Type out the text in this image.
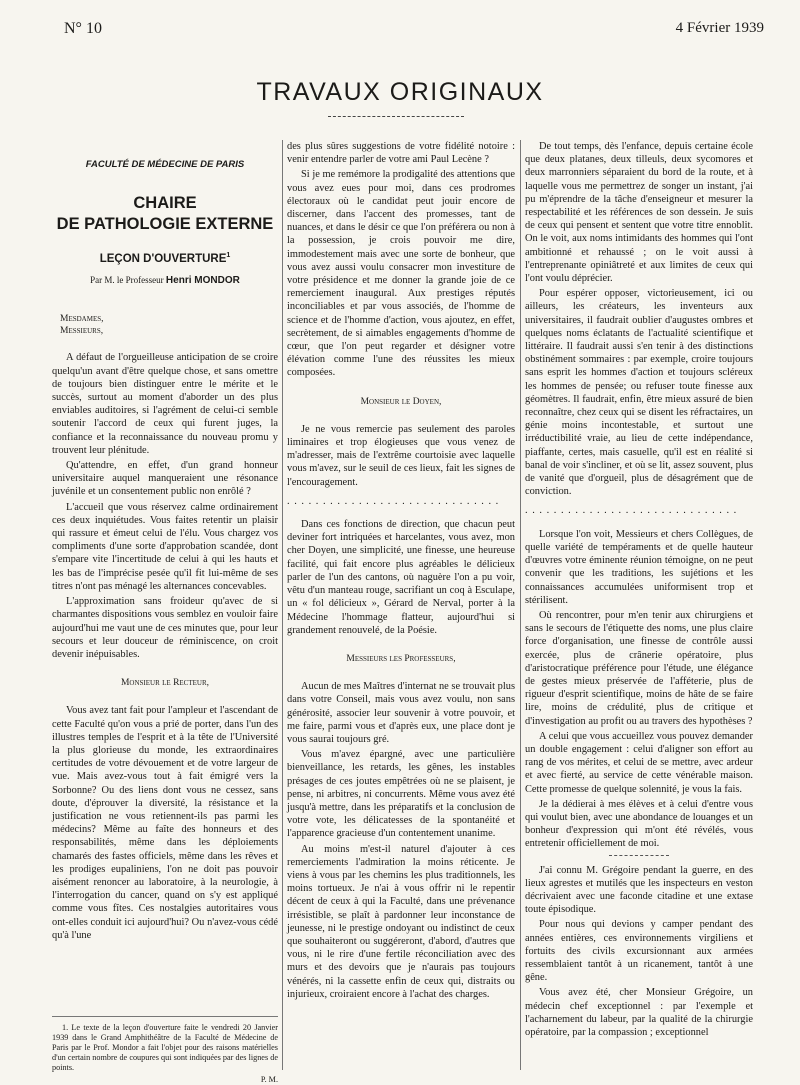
N° 10	4 Février 1939
TRAVAUX ORIGINAUX
FACULTÉ DE MÉDECINE DE PARIS
CHAIRE
DE PATHOLOGIE EXTERNE
LEÇON D'OUVERTURE$^1$
Par M. le Professeur Henri MONDOR
Mesdames,
Messieurs,

A défaut de l'orgueilleuse anticipation de se croire quelqu'un avant d'être quelque chose, et sans omettre de toujours bien distinguer entre le mérite et le succès, surtout au moment d'aborder un des plus enviables auditoires, si l'agrément de celui-ci semble soutenir l'accord de ceux qui furent juges, la confiance et la reconnaissance du nouveau promu y trouvent leur plénitude.

Qu'attendre, en effet, d'un grand honneur universitaire auquel manqueraient une résonance juvénile et un consentement public non enrôlé ?

L'accueil que vous réservez calme ordinairement ces deux inquiétudes. Vous faites retentir un plaisir qui rassure et émeut celui de l'élu. Vous chargez vos compliments d'une sorte d'approbation scandée, dont s'empare vite l'incertitude de celui à qui les hauts et les bas de l'imprécise pesée qu'il fit lui-même de ses titres n'ont pas ménagé les alternances concevables.

L'approximation sans froideur qu'avec de si charmantes dispositions vous semblez en vouloir faire aujourd'hui me vaut une de ces minutes que, pour leur secours et leur douceur de réminiscence, on croit devenir inépuisables.

Monsieur le Recteur,

Vous avez tant fait pour l'ampleur et l'ascendant de cette Faculté qu'on vous a prié de porter, dans l'un des illustres temples de l'esprit et à la tête de l'Université la plus glorieuse du monde, les extraordinaires certitudes de votre dévouement et de votre largeur de vue. Mais avez-vous tout à fait émigré vers la Sorbonne? Ou des liens dont vous ne cessez, sans doute, d'éprouver la diversité, la résistance et la justification ne vous retiennent-ils pas parmi les médecins? Même au faîte des honneurs et des responsabilités, même dans les déploiements chamarés des fastes officiels, même dans les rêves et les prodiges eupaliniens, l'on ne doit pas pouvoir aisément renoncer au laboratoire, à la neurologie, à l'interrogation du cancer, quand on s'y est appliqué comme vous fîtes. Ces nostalgies autoritaires vous ont-elles conduit ici aujourd'hui? Ou n'avez-vous cédé qu'à l'une

des plus sûres suggestions de votre fidélité notoire : venir entendre parler de votre ami Paul Lecène ?

Si je me remémore la prodigalité des attentions que vous avez eues pour moi, dans ces prodromes électoraux où le candidat peut jouir encore de discerner, dans l'accent des promesses, tant de nuances, et dans le désir ce que l'on préférera ou non à la possession, je crois pouvoir me dire, immodestement mais avec une sorte de bonheur, que vous avez aussi voulu consacrer mon investiture de votre présidence et me donner la grande joie de ce remerciement inaugural. Aux prestiges réputés inconciliables et par vous associés, de l'homme de science et de l'homme d'action, vous ajoutez, en effet, secrètement, de si aimables engagements d'homme de cœur, que l'on peut regarder et désigner votre élévation comme l'une des réussites les mieux composées.

Monsieur le Doyen,

Je ne vous remercie pas seulement des paroles liminaires et trop élogieuses que vous venez de m'adresser, mais de l'extrême courtoisie avec laquelle vous m'avez, sur le seuil de ces lieux, fait les signes de l'encouragement.

. . . . . . . . . . . . . . . . . . . . . . . . . . . . . .

Dans ces fonctions de direction, que chacun peut deviner fort intriquées et harcelantes, vous avez, mon cher Doyen, une simplicité, une finesse, une heureuse facilité, qui fait encore plus agréables le délicieux parler de l'un des cantons, où naguère l'on a pu voir, vêtu d'un manteau rouge, sacrifiant un coq à Esculape, un « fol délicieux », Gérard de Nerval, porter à la Médecine l'hommage flatteur, aujourd'hui si grandement renouvelé, de la Poésie.

Messieurs les Professeurs,

Aucun de mes Maîtres d'internat ne se trouvait plus dans votre Conseil, mais vous avez voulu, non sans générosité, associer leur souvenir à votre pouvoir, et me faire, parmi vous et d'après eux, une place dont je vous saurai toujours gré.

Vous m'avez épargné, avec une particulière bienveillance, les retards, les gênes, les instables présages de ces joutes empêtrées où ne se plaisent, je pense, ni arbitres, ni concurrents. Même vous avez été jusqu'à mettre, dans les préparatifs et la conclusion de votre vote, les délicatesses de la spontanéité et l'apparence gracieuse d'un contentement unanime.

Au moins m'est-il naturel d'ajouter à ces remerciements l'admiration la moins réticente. Je viens à vous par les chemins les plus traditionnels, les moins tortueux. Je n'ai à vous offrir ni le repentir décent de ceux à qui la Faculté, dans une prévenance irrésistible, se plaît à pardonner leur inconstance de jeunesse, ni le prestige ondoyant ou indistinct de ceux que souhaiteront ou suggéreront, d'abord, d'autres que vous, ni le rire d'une fertile réconciliation avec des murs et des devoirs que je n'aurais pas toujours vénérés, ni la cassette enfin de ceux qui, distraits ou injurieux, croiraient encore à l'achat des charges.

De tout temps, dès l'enfance, depuis certaine école que deux platanes, deux tilleuls, deux sycomores et deux marronniers séparaient du bord de la route, et à laquelle vous me permettrez de songer un instant, j'ai pu m'éprendre de la tâche d'enseigneur et mesurer la respectabilité et les références de son dessein. Je suis de ceux qui pensent et sentent que votre titre ennoblit. On le voit, aux noms intimidants des hommes qui l'ont ambitionné et rehaussé ; on le voit aussi à l'entreprenante opiniâtreté et aux limites de ceux qui l'ont voulu déprécier.

Pour espérer opposer, victorieusement, ici ou ailleurs, les créateurs, les inventeurs aux universitaires, il faudrait oublier d'augustes ombres et quelques noms éclatants de l'actualité scientifique et littéraire. Il faudrait aussi s'en tenir à des distinctions obstinément sommaires : par exemple, croire toujours sans esprit les hommes d'action et toujours scléreux les hommes de pensée; ou refuser toute finesse aux géomètres. Il faudrait, enfin, être mieux assuré de bien reconnaître, chez ceux qui se disent les réfractaires, un génie moins incontestable, et surtout une irréductibilité vraie, au lieu de cette indépendance, piaffante, certes, mais casuelle, qu'il est en réalité si banal de voir s'incliner, et où se lit, assez souvent, plus de vanité que d'orgueil, plus de désagrément que de conviction.

. . . . . . . . . . . . . . . . . . . . . . . . . . . . . .

Lorsque l'on voit, Messieurs et chers Collègues, de quelle variété de tempéraments et de quelle hauteur d'œuvres votre éminente réunion témoigne, on ne peut convenir que les traditions, les sujétions et les connaissances accumulées uniformisent trop et stérilisent.

Où rencontrer, pour m'en tenir aux chirurgiens et sans le secours de l'étiquette des noms, une plus claire force d'organisation, une finesse de contrôle aussi exercée, plus de crânerie opératoire, plus d'aristocratique préférence pour l'étude, une élégance de gestes mieux préservée de l'afféterie, plus de rigueur d'esprit scientifique, moins de hâte de se faire lire, moins de crédulité, plus de critique et d'investigation au profit ou au travers des hypothèses ?

A celui que vous accueillez vous pouvez demander un double engagement : celui d'aligner son effort au rang de vos mérites, et celui de se mettre, avec ardeur et avec fierté, au service de cette vénérable maison. Cette promesse de quelque solennité, je vous la fais.

Je la dédierai à mes élèves et à celui d'entre vous qui voulut bien, avec une abondance de louanges et un bonheur d'expression qui m'ont été révélés, vous entretenir officiellement de moi.

J'ai connu M. Grégoire pendant la guerre, en des lieux agrestes et mutilés que les inspecteurs en veston décrivaient avec une faconde citadine et une extase toute épisodique.

Pour nous qui devions y camper pendant des années entières, ces environnements virgiliens et fortuits des civils excursionnant aux armées ressemblaient tantôt à un ricanement, tantôt à une gêne.

Vous avez été, cher Monsieur Grégoire, un médecin chef exceptionnel : par l'exemple et l'acharnement du labeur, par la qualité de la chirurgie opératoire, par la compassion ; exceptionnel

1. Le texte de la leçon d'ouverture faite le vendredi 20 Janvier 1939 dans le Grand Amphithéâtre de la Faculté de Médecine de Paris par le Prof. Mondor a fait l'objet pour des raisons matérielles d'un certain nombre de coupures qui sont indiquées par des lignes de points.

P. M.
